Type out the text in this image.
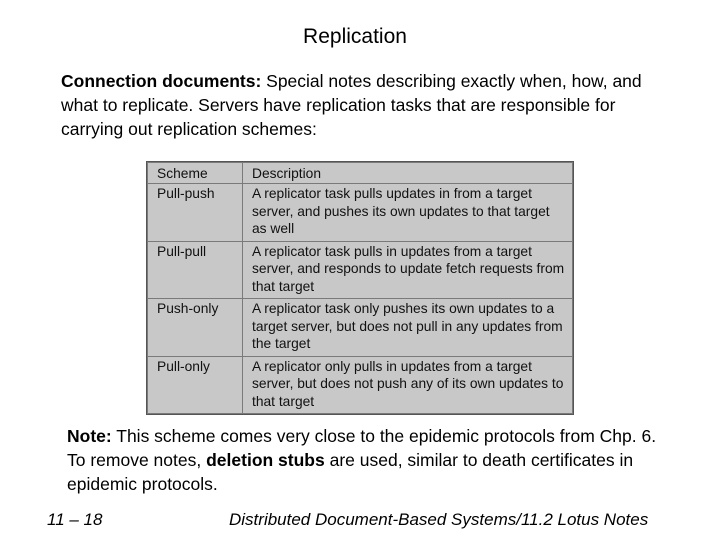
Replication
Connection documents: Special notes describing exactly when, how, and what to replicate. Servers have replication tasks that are responsible for carrying out replication schemes:
Scheme	Description
Pull-push	A replicator task pulls updates in from a target server, and pushes its own updates to that target as well
Pull-pull	A replicator task pulls in updates from a target server, and responds to update fetch requests from that target
Push-only	A replicator task only pushes its own updates to a target server, but does not pull in any updates from the target
Pull-only	A replicator only pulls in updates from a target server, but does not push any of its own updates to that target
Note: This scheme comes very close to the epidemic protocols from Chp. 6. To remove notes, deletion stubs are used, similar to death certificates in epidemic protocols.
11 – 18	Distributed Document-Based Systems/11.2 Lotus Notes
